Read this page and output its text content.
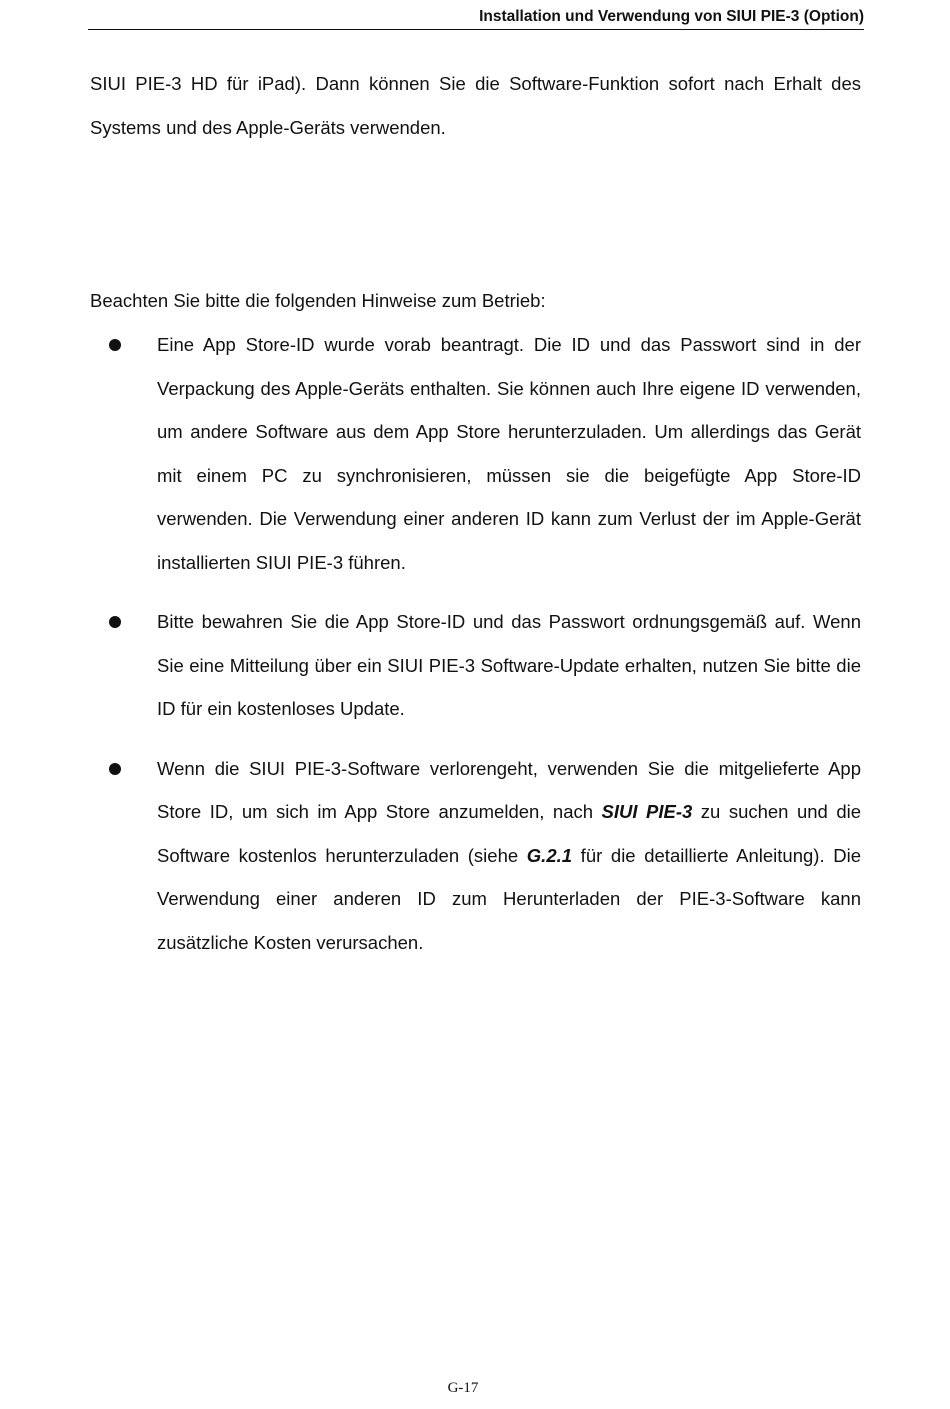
Installation und Verwendung von SIUI PIE-3 (Option)

SIUI PIE-3 HD für iPad). Dann können Sie die Software-Funktion sofort nach Erhalt des Systems und des Apple-Geräts verwenden.

Beachten Sie bitte die folgenden Hinweise zum Betrieb:

Eine App Store-ID wurde vorab beantragt. Die ID und das Passwort sind in der Verpackung des Apple-Geräts enthalten. Sie können auch Ihre eigene ID verwenden, um andere Software aus dem App Store herunterzuladen. Um allerdings das Gerät mit einem PC zu synchronisieren, müssen sie die beigefügte App Store-ID verwenden. Die Verwendung einer anderen ID kann zum Verlust der im Apple-Gerät installierten SIUI PIE-3 führen.
Bitte bewahren Sie die App Store-ID und das Passwort ordnungsgemäß auf. Wenn Sie eine Mitteilung über ein SIUI PIE-3 Software-Update erhalten, nutzen Sie bitte die ID für ein kostenloses Update.
Wenn die SIUI PIE-3-Software verlorengeht, verwenden Sie die mitgelieferte App Store ID, um sich im App Store anzumelden, nach SIUI PIE-3 zu suchen und die Software kostenlos herunterzuladen (siehe G.2.1 für die detaillierte Anleitung). Die Verwendung einer anderen ID zum Herunterladen der PIE-3-Software kann zusätzliche Kosten verursachen.
G-17
